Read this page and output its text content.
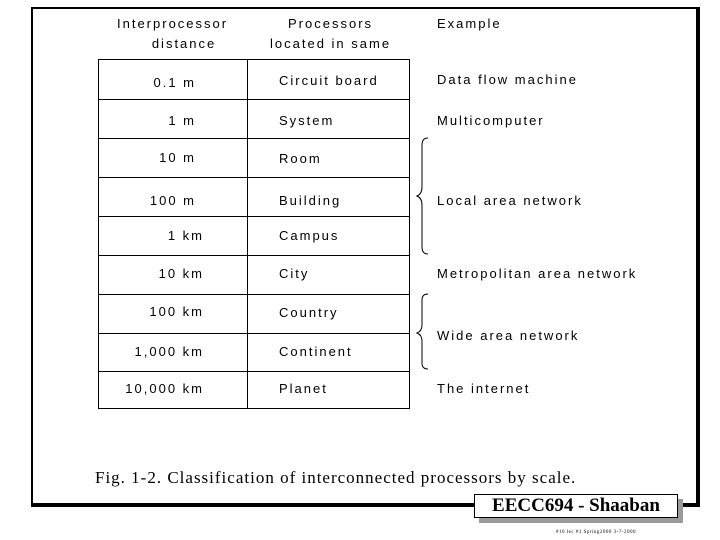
Interprocessor
distance
Processors
located in same
Example
0.1 m
1 m
10 m
100 m
1 km
10 km
100 km
1,000 km
10,000 km
Circuit board
System
Room
Building
Campus
City
Country
Continent
Planet
Data flow machine
Multicomputer
Local area network
Metropolitan area network
Wide area network
The internet
Fig. 1-2. Classification of interconnected processors by scale.
EECC694 - Shaaban
#10 lec #1 Spring2000 3-7-2000
